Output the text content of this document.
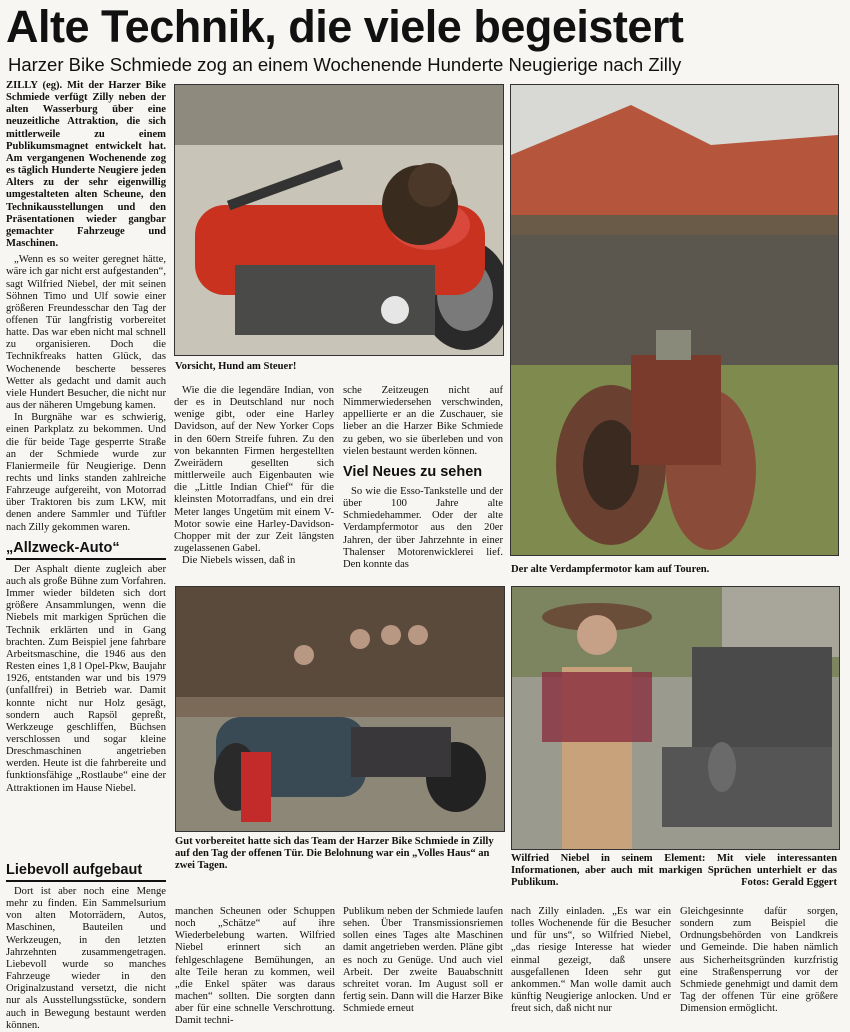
Alte Technik, die viele begeistert
Harzer Bike Schmiede zog an einem Wochenende Hunderte Neugierige nach Zilly

ZILLY (eg). Mit der Harzer Bike Schmiede verfügt Zilly neben der alten Wasserburg über eine neuzeitliche Attraktion, die sich mittlerweile zu einem Publikumsmagnet entwickelt hat. Am vergangenen Wochenende zog es täglich Hunderte Neugiere jeden Alters zu der sehr eigenwillig umgestalteten alten Scheune, den Technikausstellungen und den Präsentationen wieder gangbar gemachter Fahrzeuge und Maschinen.

„Wenn es so weiter geregnet hätte, wäre ich gar nicht erst aufgestanden“, sagt Wilfried Niebel, der mit seinen Söhnen Timo und Ulf sowie einer größeren Freundesschar den Tag der offenen Tür langfristig vorbereitet hatte. Das war eben nicht mal schnell zu organisieren. Doch die Technikfreaks hatten Glück, das Wochenende bescherte besseres Wetter als gedacht und damit auch viele Hundert Besucher, die nicht nur aus der näheren Umgebung kamen.

In Burgnähe war es schwierig, einen Parkplatz zu bekommen. Und die für beide Tage gesperrte Straße an der Schmiede wurde zur Flaniermeile für Neugierige. Denn rechts und links standen zahlreiche Fahrzeuge aufgereiht, von Motorrad über Traktoren bis zum LKW, mit denen andere Sammler und Tüftler nach Zilly gekommen waren.

„Allzweck-Auto“

Der Asphalt diente zugleich aber auch als große Bühne zum Vorfahren. Immer wieder bildeten sich dort größere Ansammlungen, wenn die Niebels mit markigen Sprüchen die Technik erklärten und in Gang brachten. Zum Beispiel jene fahrbare Arbeitsmaschine, die 1946 aus den Resten eines 1,8 l Opel-Pkw, Baujahr 1926, entstanden war und bis 1979 (unfallfrei) in Betrieb war. Damit konnte nicht nur Holz gesägt, sondern auch Rapsöl gepreßt, Werkzeuge geschliffen, Büchsen verschlossen und sogar kleine Dreschmaschinen angetrieben werden. Heute ist die fahrbereite und funktionsfähige „Rostlaube“ eine der Attraktionen im Hause Niebel.

Liebevoll aufgebaut

Dort ist aber noch eine Menge mehr zu finden. Ein Sammelsurium von alten Motorrädern, Autos, Maschinen, Bauteilen und Werkzeugen, in den letzten Jahrzehnten zusammengetragen. Liebevoll wurde so manches Fahrzeuge wieder in den Originalzustand versetzt, die nicht nur als Ausstellungsstücke, sondern auch in Bewegung bestaunt werden können.

Vorsicht, Hund am Steuer!
Der alte Verdampfermotor kam auf Touren.

Wie die die legendäre Indian, von der es in Deutschland nur noch wenige gibt, oder eine Harley Davidson, auf der New Yorker Cops in den 60ern Streife fuhren. Zu den von bekannten Firmen hergestellten Zweirädern gesellten sich mittlerweile auch Eigenbauten wie die „Little Indian Chief“ für die kleinsten Motorradfans, und ein drei Meter langes Ungetüm mit einem V-Motor sowie eine Harley-Davidson-Chopper mit der zur Zeit längsten zugelassenen Gabel.

Die Niebels wissen, daß in

sche Zeitzeugen nicht auf Nimmerwiedersehen verschwinden, appellierte er an die Zuschauer, sie lieber an die Harzer Bike Schmiede zu geben, wo sie überleben und von vielen bestaunt werden können.

Viel Neues zu sehen

So wie die Esso-Tankstelle und der über 100 Jahre alte Schmiedehammer. Oder der alte Verdampfermotor aus den 20er Jahren, der über Jahrzehnte in einer Thalenser Motorenwicklerei lief. Den konnte das

Gut vorbereitet hatte sich das Team der Harzer Bike Schmiede in Zilly auf den Tag der offenen Tür. Die Belohnung war ein „Volles Haus“ an zwei Tagen.
Wilfried Niebel in seinem Element: Mit viele interessanten Informationen, aber auch mit markigen Sprüchen unterhielt er das Publikum.	Fotos: Gerald Eggert

manchen Scheunen oder Schuppen noch „Schätze“ auf ihre Wiederbelebung warten. Wilfried Niebel erinnert sich an fehlgeschlagene Bemühungen, an alte Teile heran zu kommen, weil „die Enkel später was daraus machen“ sollten. Die sorgten dann aber für eine schnelle Verschrottung. Damit techni-

Publikum neben der Schmiede laufen sehen. Über Transmissionsriemen sollen eines Tages alte Maschinen damit angetrieben werden. Pläne gibt es noch zu Genüge. Und auch viel Arbeit. Der zweite Bauabschnitt schreitet voran. Im August soll er fertig sein. Dann will die Harzer Bike Schmiede erneut

nach Zilly einladen. „Es war ein tolles Wochenende für die Besucher und für uns“, so Wilfried Niebel, „das riesige Interesse hat wieder einmal gezeigt, daß unsere ausgefallenen Ideen sehr gut ankommen.“ Man wolle damit auch künftig Neugierige anlocken. Und er freut sich, daß nicht nur

Gleichgesinnte dafür sorgen, sondern zum Beispiel die Ordnungsbehörden von Landkreis und Gemeinde. Die haben nämlich aus Sicherheitsgründen kurzfristig eine Straßensperrung vor der Schmiede genehmigt und damit dem Tag der offenen Tür eine größere Dimension ermöglicht.
